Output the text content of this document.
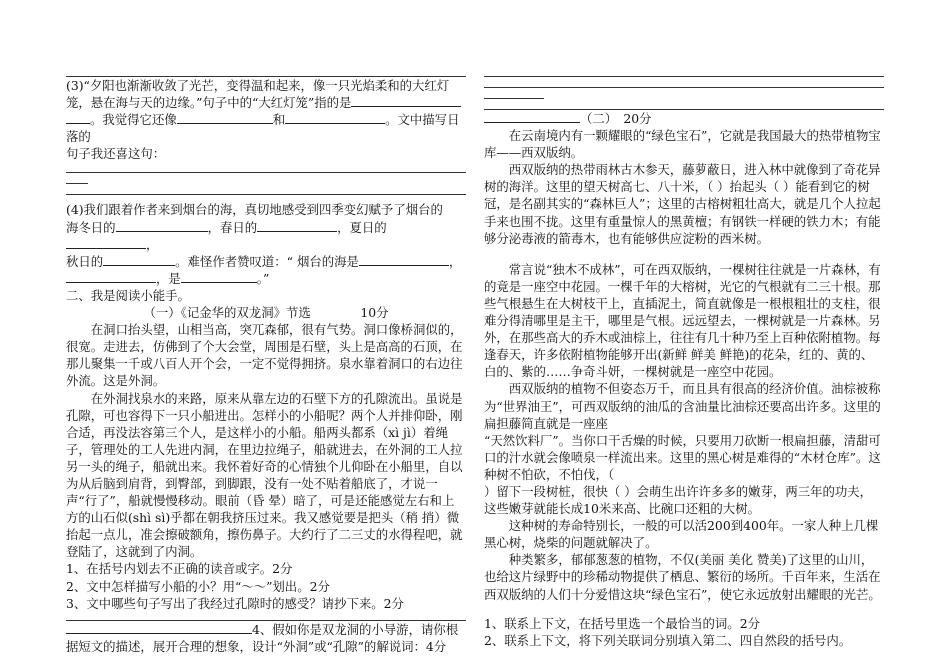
(3)“夕阳也渐渐收敛了光芒，变得温和起来，像一只光焰柔和的大红灯笼，悬在海与天的边缘。”句子中的“大红灯笼”指的是
。我觉得它还像	和	。文中描写日落的
句子我还喜这句：

(4)我们跟着作者来到烟台的海，真切地感受到四季变幻赋予了烟台的
海冬日的	，春日的	，夏日的，
秋日的	。难怪作者赞叹道：“ 烟台的海是	，
，是	。”

二、我是阅读小能手。

（一）《记金华的双龙洞》节选　　　　	10分

在洞口抬头望，山相当高，突兀森郁，很有气势。洞口像桥洞似的，很宽。走进去，仿佛到了个大会堂，周围是石壁，头上是高高的石顶，在那儿聚集一千或八百人开个会，一定不觉得拥挤。泉水靠着洞口的右边往外流。这是外洞。

在外洞找泉水的来路，原来从靠左边的石壁下方的孔隙流出。虽说是孔隙，可也容得下一只小船进出。怎样小的小船呢？两个人并排仰卧，刚合适，再没法容第三个人，是这样小的小船。船两头都系（xì jì）着绳子，管理处的工人先进内洞，在里边拉绳子，船就进去，在外洞的工人拉另一头的绳子，船就出来。我怀着好奇的心情独个儿仰卧在小船里，自以为从后脑到肩背，到臀部，到脚跟，没有一处不贴着船底了，才说一声“行了”，船就慢慢移动。眼前（昏 晕）暗了，可是还能感觉左右和上方的山石似(shì sì)乎都在朝我挤压过来。我又感觉要是把头（稍 捎）微抬起一点儿，准会擦破额角，擦伤鼻子。大约行了二三丈的水得程吧，就登陆了，这就到了内洞。

1、在括号内划去不正确的读音或字。2分

2、文中怎样描写小船的小？用“～～”划出。2分

3、文中哪些句子写出了我经过孔隙时的感受？请抄下来。2分

4、假如你是双龙洞的小导游，请你根据短文的描述，展开合理的想象，设计“外洞”或“孔隙”的解说词：4分

（二）　 20分

在云南境内有一颗耀眼的“绿色宝石”，它就是我国最大的热带植物宝库——西双版纳。

西双版纳的热带雨林古木参天，藤萝蔽日，进入林中就像到了奇花异树的海洋。这里的望天树高七、八十米，（ ）抬起头（ ）能看到它的树冠，是名副其实的“森林巨人”；这里的古榕树粗壮高大，就是几个人拉起手来也围不拢。这里有重量惊人的黑黄檀；有钢铁一样硬的铁力木；有能够分泌毒液的箭毒木，也有能够供应淀粉的西米树。

常言说“独木不成林”，可在西双版纳，一棵树往往就是一片森林，有的竟是一座空中花园。一棵千年的大榕树，光它的气根就有二三十根。那些气根悬生在大树枝干上，直插泥土，简直就像是一根根粗壮的支柱，很难分得清哪里是主干，哪里是气根。远远望去，一棵树就是一片森林。另外，在那些高大的乔木或油棕上，往往有几十种乃至上百种依附植物。每逢春天，许多依附植物能够开出(新鲜 鲜美 鲜艳)的花朵，红的、黄的、白的、紫的……争奇斗妍，一棵树就是一座空中花园。

西双版纳的植物不但姿态万千，而且具有很高的经济价值。油棕被称为“世界油王”，可西双版纳的油瓜的含油量比油棕还要高出许多。这里的扁担藤简直就是一座座

“天然饮料厂”。当你口干舌燥的时候，只要用刀砍断一根扁担藤，清甜可口的汁水就会像喷泉一样流出来。这里的黑心树是难得的“木材仓库”。这种树不怕砍，不怕伐，（

）留下一段树桩，很快（ ）会萌生出许许多多的嫩芽，两三年的功夫，这些嫩芽就能长成10米来高、比碗口还粗的大树。

这种树的寿命特别长，一般的可以活200到400年。一家人种上几棵黑心树，烧柴的问题就解决了。

种类繁多，郁郁葱葱的植物，不仅(美丽 美化 赞美)了这里的山川，也给这片绿野中的珍稀动物提供了栖息、繁衍的场所。千百年来，生活在西双版纳的人们十分爱惜这块“绿色宝石”，使它永远放射出耀眼的光芒。

1、联系上下文，在括号里选一个最恰当的词。2分

2、联系上下文，将下列关联词分别填入第二、四自然段的括号内。
